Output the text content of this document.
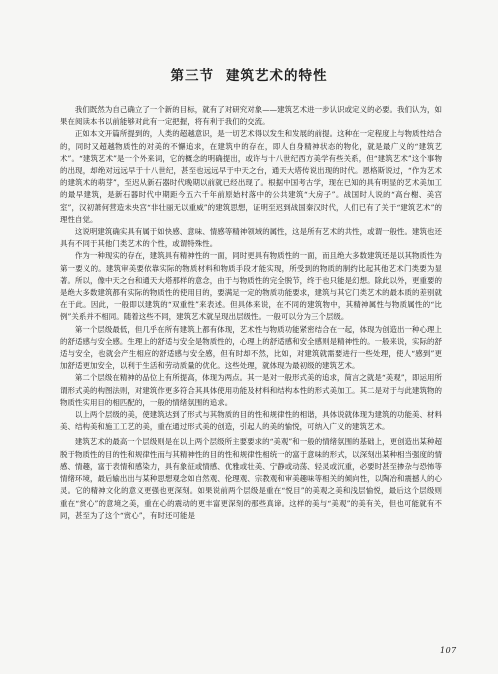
第三节 建筑艺术的特性

我们既然为自己确立了一个新的目标，就有了对研究对象——建筑艺术进一步认识或定义的必要。我们认为，如果在阅读本书以前能够对此有一定把握，将有利于我们的交流。

正如本文开篇所提到的，人类的超越意识，是一切艺术得以发生和发展的前提。这种在一定程度上与物质性结合的，同时又超越物质性的对美的不懈追求，在建筑中的存在，即人自身精神状态的物化，就是最广义的“建筑艺术”。“建筑艺术”是一个外来词，它的概念的明确提出，或许与十八世纪西方美学有些关系，但“建筑艺术”这个事物的出现，却绝对远远早于十八世纪，甚至也远远早于中天之台，通天大塔传说出现的时代。恩格斯说过，“作为艺术的建筑术的萌芽”，至迟从新石器时代晚期以前就已经出现了。根据中国考古学，现在已知的具有明显的艺术美加工的最早建筑，是新石器时代中期距今五六千年前原始村落中的公共建筑“大房子”。战国时人说的“高台榭、美宫室”，汉初萧何营造未央宫“非壮丽无以重威”的建筑思想，证明至迟到战国秦汉时代，人们已有了关于“建筑艺术”的理性自觉。

这说明建筑确实具有属于如快感、意味、情感等精神领域的属性，这是所有艺术的共性，或谓一般性。建筑也还具有不同于其他门类艺术的个性，或谓特殊性。

作为一种现实的存在，建筑具有精神性的一面，同时更具有物质性的一面，而且绝大多数建筑还是以其物质性为第一要义的。建筑审美要依靠实际的物质材料和物质手段才能实现，所受到的物质的制约比起其他艺术门类要为显著。所以，像中天之台和通天大塔那样的意念，由于与物质性的完全脱节，终于也只能是幻想。除此以外，更重要的是绝大多数建筑都有实际的物质性的使用目的，要满足一定的物质功能要求，建筑与其它门类艺术的最本质的差别就在于此。因此，一般即以建筑的“双重性”来表述。但具体来说，在不同的建筑物中，其精神属性与物质属性的“比例”关系并不相同。随着这些不同，建筑艺术就呈现出层级性。一般可以分为三个层级。

第一个层级最低，但几乎在所有建筑上都有体现，艺术性与物质功能紧密结合在一起，体现为创造出一种心理上的舒适感与安全感。生理上的舒适与安全是物质性的，心理上的舒适感和安全感则是精神性的。一般来说，实际的舒适与安全，也就会产生相应的舒适感与安全感，但有时却不然，比如，对建筑就需要进行一些处理，使人“感到”更加舒适更加安全，以利于生活和劳动质量的优化。这些处理，就体现为最初级的建筑艺术。

第二个层级在精神的品位上有所提高，体现为两点。其一是对一般形式美的追求，简言之就是“美观”，即运用所谓形式美的构图法则，对建筑作更多符合其具体使用功能及材料和结构本性的形式美加工。其二是对于与此建筑物的物质性实用目的相匹配的，一般的情绪氛围的追求。

以上两个层级的美，使建筑达到了形式与其物质的目的性和规律性的相谐，具体说就体现为建筑的功能美、材料美、结构美和施工工艺的美，重在通过形式美的创造，引起人的美的愉悦，可纳入广义的建筑艺术。

建筑艺术的最高一个层级则是在以上两个层级所主要要求的“美观”和一般的情绪氛围的基础上，更创造出某种超脱于物质性的目的性和规律性而与其精神性的目的性和规律性相统一的富于意味的形式，以深刻出某种相当强度的情感、情趣，富于表情和感染力，具有象征或情感、优雅或壮美、宁静或动荡、轻灵或沉重，必要时甚至掺杂与恐怖等情绪环境，最后输出出与某种思想观念如自然观、伦理观、宗教观和审美趣味等相关的倾向性，以陶冶和震撼人的心灵。它的精神文化的意义更强也更深刻。如果说前两个层级是重在“悦目”的美观之美和浅层愉悦，最后这个层级则重在“赏心”的意境之美，重在心的震动的更丰富更深刻的那些真谛。这样的美与“美观”的美有关，但也可能就有不同，甚至为了这个“赏心”，有时还可能是

107
